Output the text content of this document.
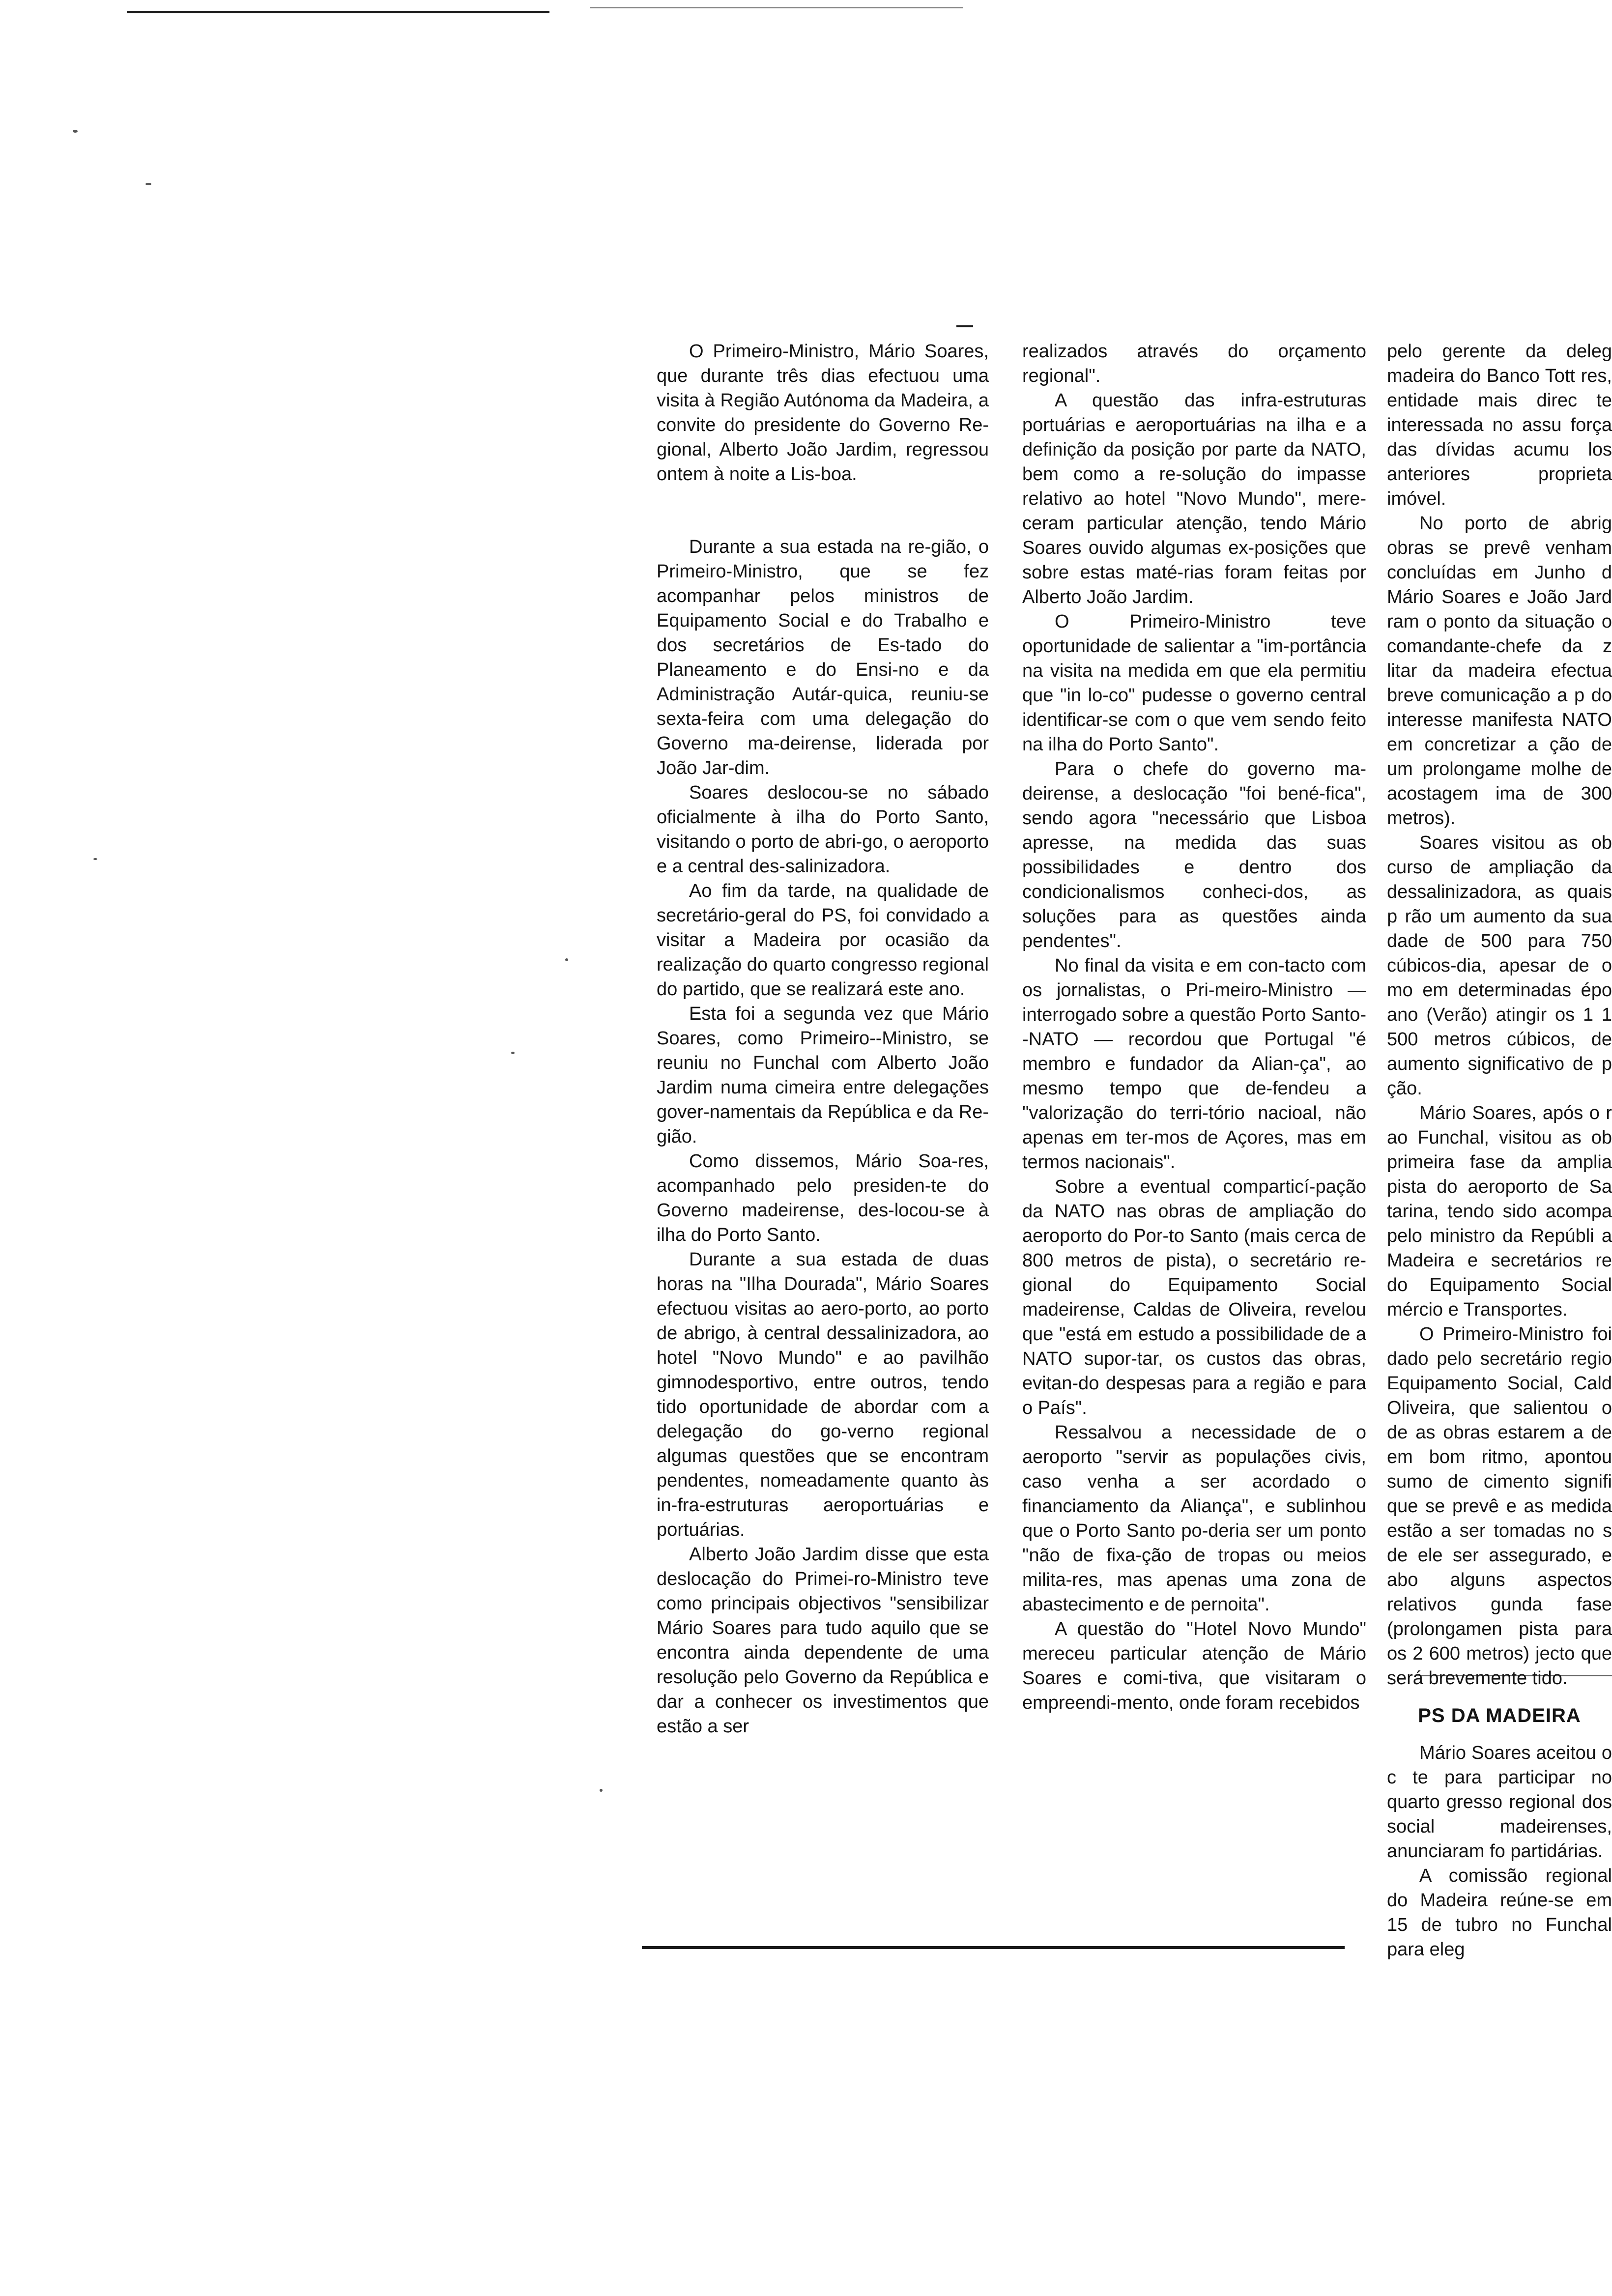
O Primeiro-Ministro, Mário Soares, que durante três dias efectuou uma visita à Região Autónoma da Madeira, a convite do presidente do Governo Re-gional, Alberto João Jardim, regressou ontem à noite a Lis-boa.

Durante a sua estada na re-gião, o Primeiro-Ministro, que se fez acompanhar pelos ministros de Equipamento Social e do Trabalho e dos secretários de Es-tado do Planeamento e do Ensi-no e da Administração Autár-quica, reuniu-se sexta-feira com uma delegação do Governo ma-deirense, liderada por João Jar-dim.

Soares deslocou-se no sábado oficialmente à ilha do Porto Santo, visitando o porto de abri-go, o aeroporto e a central des-salinizadora.

Ao fim da tarde, na qualidade de secretário-geral do PS, foi convidado a visitar a Madeira por ocasião da realização do quarto congresso regional do partido, que se realizará este ano.

Esta foi a segunda vez que Mário Soares, como Primeiro--Ministro, se reuniu no Funchal com Alberto João Jardim numa cimeira entre delegações gover-namentais da República e da Re-gião.

Como dissemos, Mário Soa-res, acompanhado pelo presiden-te do Governo madeirense, des-locou-se à ilha do Porto Santo.

Durante a sua estada de duas horas na "Ilha Dourada", Mário Soares efectuou visitas ao aero-porto, ao porto de abrigo, à central dessalinizadora, ao hotel "Novo Mundo" e ao pavilhão gimnodesportivo, entre outros, tendo tido oportunidade de abordar com a delegação do go-verno regional algumas questões que se encontram pendentes, nomeadamente quanto às in-fra-estruturas aeroportuárias e portuárias.

Alberto João Jardim disse que esta deslocação do Primei-ro-Ministro teve como principais objectivos "sensibilizar Mário Soares para tudo aquilo que se encontra ainda dependente de uma resolução pelo Governo da República e dar a conhecer os investimentos que estão a ser

realizados através do orçamento regional".

A questão das infra-estruturas portuárias e aeroportuárias na ilha e a definição da posição por parte da NATO, bem como a re-solução do impasse relativo ao hotel "Novo Mundo", mere-ceram particular atenção, tendo Mário Soares ouvido algumas ex-posições que sobre estas maté-rias foram feitas por Alberto João Jardim.

O Primeiro-Ministro teve oportunidade de salientar a "im-portância na visita na medida em que ela permitiu que "in lo-co" pudesse o governo central identificar-se com o que vem sendo feito na ilha do Porto Santo".

Para o chefe do governo ma-deirense, a deslocação "foi bené-fica", sendo agora "necessário que Lisboa apresse, na medida das suas possibilidades e dentro dos condicionalismos conheci-dos, as soluções para as questões ainda pendentes".

No final da visita e em con-tacto com os jornalistas, o Pri-meiro-Ministro — interrogado sobre a questão Porto Santo--NATO — recordou que Portugal "é membro e fundador da Alian-ça", ao mesmo tempo que de-fendeu a "valorização do terri-tório nacioal, não apenas em ter-mos de Açores, mas em termos nacionais".

Sobre a eventual comparticí-pação da NATO nas obras de ampliação do aeroporto do Por-to Santo (mais cerca de 800 metros de pista), o secretário re-gional do Equipamento Social madeirense, Caldas de Oliveira, revelou que "está em estudo a possibilidade de a NATO supor-tar, os custos das obras, evitan-do despesas para a região e para o País".

Ressalvou a necessidade de o aeroporto "servir as populações civis, caso venha a ser acordado o financiamento da Aliança", e sublinhou que o Porto Santo po-deria ser um ponto "não de fixa-ção de tropas ou meios milita-res, mas apenas uma zona de abastecimento e de pernoita".

A questão do "Hotel Novo Mundo" mereceu particular atenção de Mário Soares e comi-tiva, que visitaram o empreendi-mento, onde foram recebidos

pelo gerente da deleg madeira do Banco Tott res, entidade mais direc te interessada no assu força das dívidas acumu los anteriores proprieta imóvel.

No porto de abrig obras se prevê venham concluídas em Junho d Mário Soares e João Jard ram o ponto da situação o comandante-chefe da z litar da madeira efectua breve comunicação a p do interesse manifesta NATO em concretizar a ção de um prolongame molhe de acostagem ima de 300 metros).

Soares visitou as ob curso de ampliação da dessalinizadora, as quais p rão um aumento da sua dade de 500 para 750 cúbicos-dia, apesar de o mo em determinadas épo ano (Verão) atingir os 1 1 500 metros cúbicos, de aumento significativo de p ção.

Mário Soares, após o r ao Funchal, visitou as ob primeira fase da amplia pista do aeroporto de Sa tarina, tendo sido acompa pelo ministro da Repúbli a Madeira e secretários re do Equipamento Social mércio e Transportes.

O Primeiro-Ministro foi dado pelo secretário regio Equipamento Social, Cald Oliveira, que salientou o de as obras estarem a de em bom ritmo, apontou sumo de cimento signifi que se prevê e as medida estão a ser tomadas no s de ele ser assegurado, e abo alguns aspectos relativos gunda fase (prolongamen pista para os 2 600 metros) jecto que será brevemente tido.

PS DA MADEIRA

Mário Soares aceitou o c te para participar no quarto gresso regional dos social madeirenses, anunciaram fo partidárias.

A comissão regional do Madeira reúne-se em 15 de tubro no Funchal para eleg
